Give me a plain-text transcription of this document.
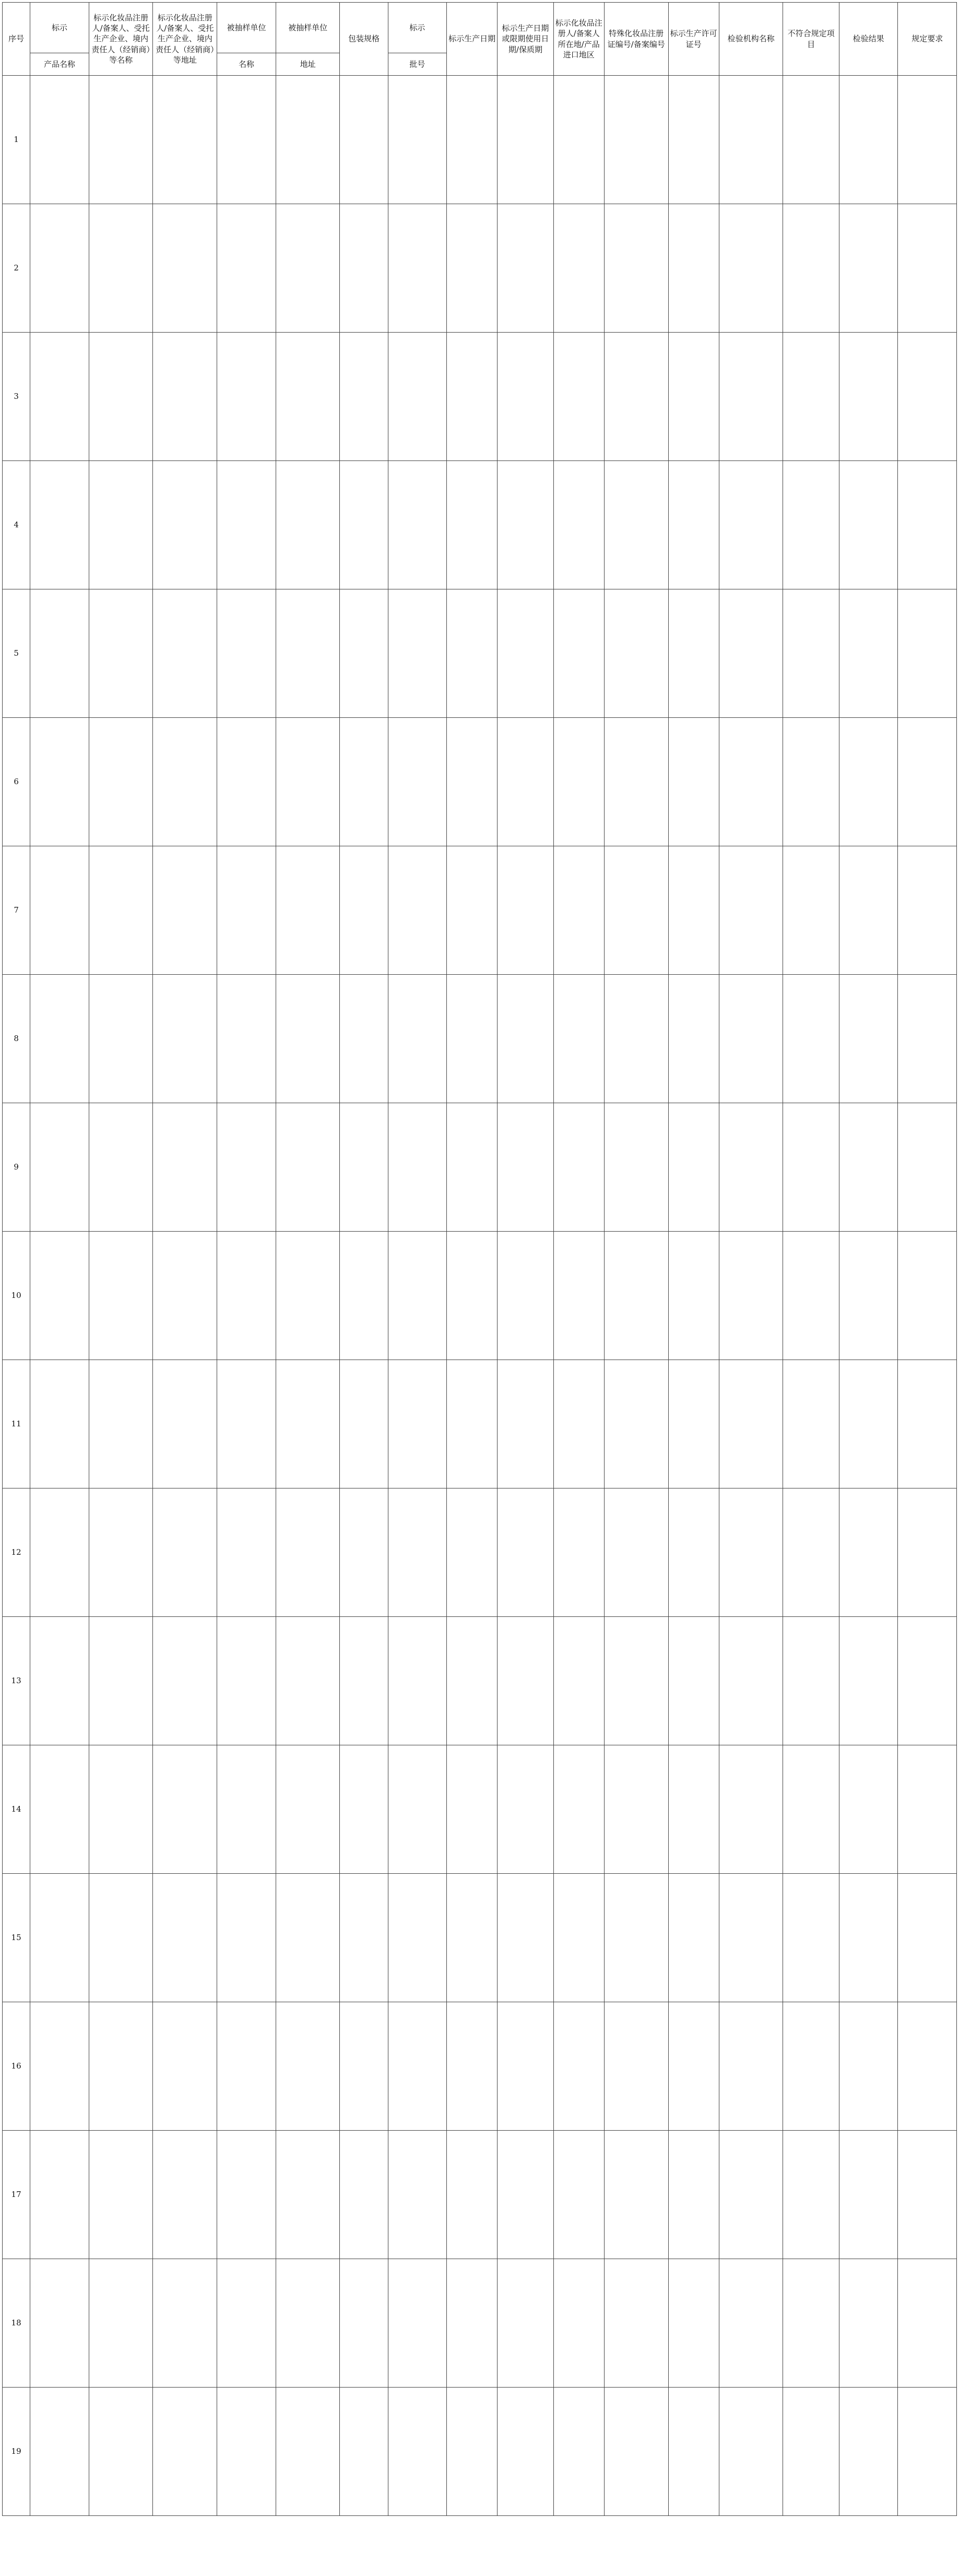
序号	标示	标示化妆品注册人/备案人、受托生产企业、境内责任人（经销商）等名称	标示化妆品注册人/备案人、受托生产企业、境内责任人（经销商）等地址	被抽样单位	被抽样单位	包装规格	标示	标示生产日期	标示生产日期或限期使用日期/保质期	标示化妆品注册人/备案人所在地/产品进口地区	特殊化妆品注册证编号/备案编号	标示生产许可证号	检验机构名称	不符合规定项目	检验结果	规定要求
	产品名称			名称	地址		批号									
1																
2																
3																
4																
5																
6																
7																
8																
9																
10																
11																
12																
13																
14																
15																
16																
17																
18																
19																
